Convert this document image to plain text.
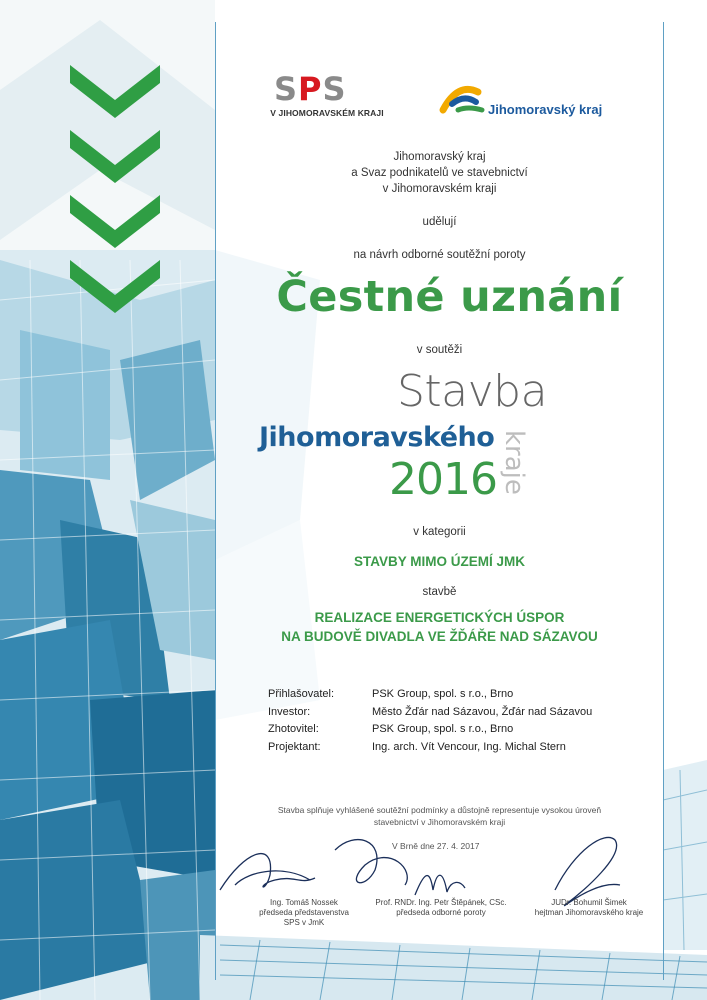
SPS
V JIHOMORAVSKÉM KRAJI	Jihomoravský kraj
Jihomoravský kraj
a Svaz podnikatelů ve stavebnictví
v Jihomoravském kraji
udělují
na návrh odborné soutěžní poroty
Čestné uznání
v soutěži
Stavba
Jihomoravského
2016 kraje
v kategorii
STAVBY MIMO ÚZEMÍ JMK
stavbě
REALIZACE ENERGETICKÝCH ÚSPOR
NA BUDOVĚ DIVADLA VE ŽĎÁŘE NAD SÁZAVOU
Přihlašovatel:	PSK Group, spol. s r.o., Brno
Investor:	Město Žďár nad Sázavou, Žďár nad Sázavou
Zhotovitel:	PSK Group, spol. s r.o., Brno
Projektant:	Ing. arch. Vít Vencour, Ing. Michal Stern
Stavba splňuje vyhlášené soutěžní podmínky a důstojně representuje vysokou úroveň
stavebnictví v Jihomoravském kraji
V Brně dne 27. 4. 2017
Ing. Tomáš Nossek
předseda představenstva
SPS v JmK
Prof. RNDr. Ing. Petr Štěpánek, CSc.
předseda odborné poroty
JUDr. Bohumil Šimek
hejtman Jihomoravského kraje
